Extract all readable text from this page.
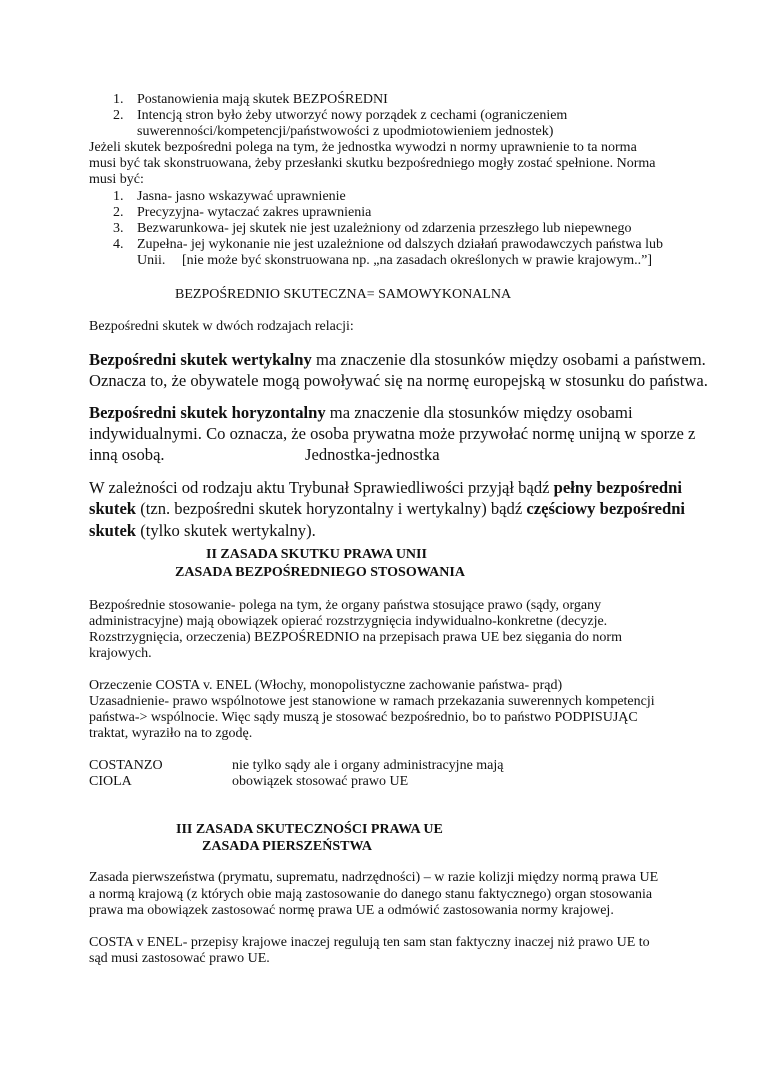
1. Postanowienia mają skutek BEZPOŚREDNI
2. Intencją stron było żeby utworzyć nowy porządek z cechami (ograniczeniem
suwerenności/kompetencji/państwowości z upodmiotowieniem jednostek)
Jeżeli skutek bezpośredni polega na tym, że jednostka wywodzi n normy uprawnienie to ta norma
musi być tak skonstruowana, żeby przesłanki skutku bezpośredniego mogły zostać spełnione. Norma
musi być:
1. Jasna- jasno wskazywać uprawnienie
2. Precyzyjna- wytaczać zakres uprawnienia
3. Bezwarunkowa- jej skutek nie jest uzależniony od zdarzenia przeszłego lub niepewnego
4. Zupełna- jej wykonanie nie jest uzależnione od dalszych działań prawodawczych państwa lub
Unii. [nie może być skonstruowana np. „na zasadach określonych w prawie krajowym..”]
BEZPOŚREDNIO SKUTECZNA= SAMOWYKONALNA
Bezpośredni skutek w dwóch rodzajach relacji:
Bezpośredni skutek wertykalny ma znaczenie dla stosunków między osobami a państwem.
Oznacza to, że obywatele mogą powoływać się na normę europejską w stosunku do państwa.
Bezpośredni skutek horyzontalny ma znaczenie dla stosunków między osobami
indywidualnymi. Co oznacza, że osoba prywatna może przywołać normę unijną w sporze z
inną osobą.	Jednostka-jednostka
W zależności od rodzaju aktu Trybunał Sprawiedliwości przyjął bądź pełny bezpośredni
skutek (tzn. bezpośredni skutek horyzontalny i wertykalny) bądź częściowy bezpośredni
skutek (tylko skutek wertykalny).
II ZASADA SKUTKU PRAWA UNII
ZASADA BEZPOŚREDNIEGO STOSOWANIA
Bezpośrednie stosowanie- polega na tym, że organy państwa stosujące prawo (sądy, organy
administracyjne) mają obowiązek opierać rozstrzygnięcia indywidualno-konkretne (decyzje.
Rozstrzygnięcia, orzeczenia) BEZPOŚREDNIO na przepisach prawa UE bez sięgania do norm
krajowych.
Orzeczenie COSTA v. ENEL (Włochy, monopolistyczne zachowanie państwa- prąd)
Uzasadnienie- prawo wspólnotowe jest stanowione w ramach przekazania suwerennych kompetencji
państwa-> wspólnocie. Więc sądy muszą je stosować bezpośrednio, bo to państwo PODPISUJĄC
traktat, wyraziło na to zgodę.
COSTANZO	nie tylko sądy ale i organy administracyjne mają
CIOLA	obowiązek stosować prawo UE
III ZASADA SKUTECZNOŚCI PRAWA UE
ZASADA PIERSZEŃSTWA
Zasada pierwszeństwa (prymatu, suprematu, nadrzędności) – w razie kolizji między normą prawa UE
a normą krajową (z których obie mają zastosowanie do danego stanu faktycznego) organ stosowania
prawa ma obowiązek zastosować normę prawa UE a odmówić zastosowania normy krajowej.
COSTA v ENEL- przepisy krajowe inaczej regulują ten sam stan faktyczny inaczej niż prawo UE to
sąd musi zastosować prawo UE.
